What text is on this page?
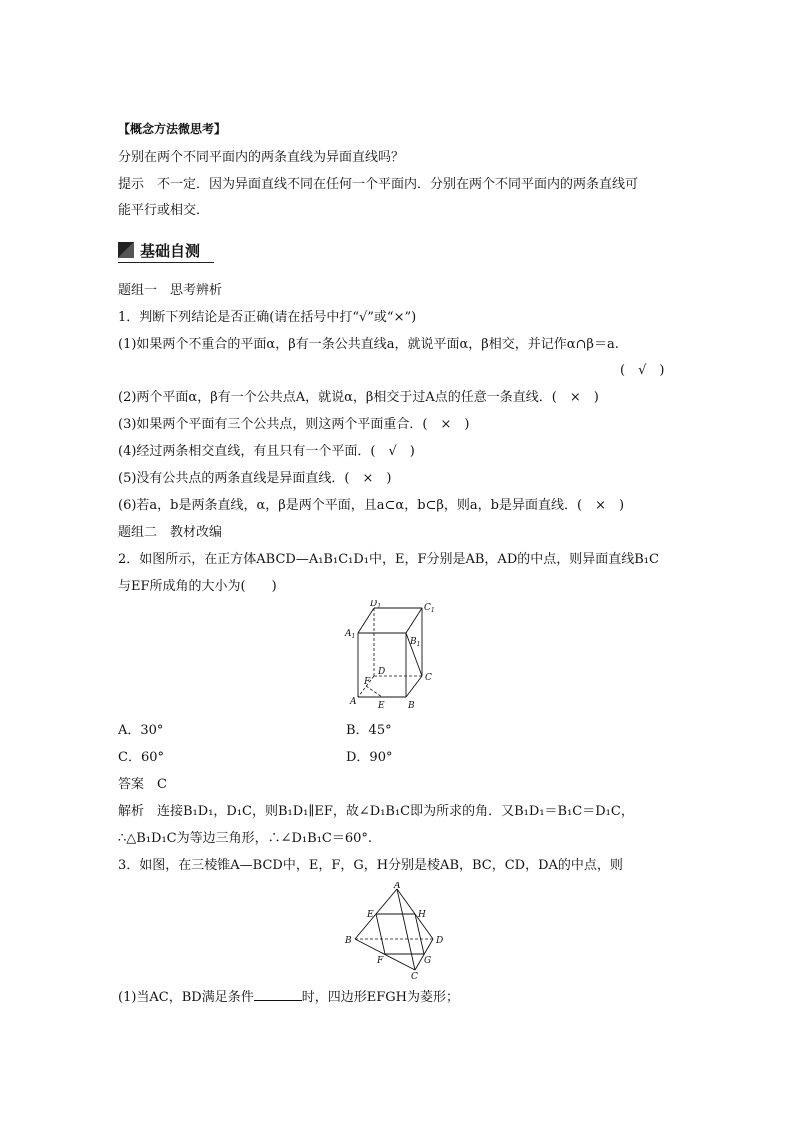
【概念方法微思考】
分别在两个不同平面内的两条直线为异面直线吗？
提示　不一定．因为异面直线不同在任何一个平面内．分别在两个不同平面内的两条直线可
能平行或相交．
基础自测
题组一　思考辨析
1．判断下列结论是否正确(请在括号中打“√”或“×”)
(1)如果两个不重合的平面α，β有一条公共直线a，就说平面α，β相交，并记作α∩β＝a.
(　√　)
(2)两个平面α，β有一个公共点A，就说α，β相交于过A点的任意一条直线．(　×　)
(3)如果两个平面有三个公共点，则这两个平面重合．(　×　)
(4)经过两条相交直线，有且只有一个平面．(　√　)
(5)没有公共点的两条直线是异面直线．(　×　)
(6)若a，b是两条直线，α，β是两个平面，且a⊂α，b⊂β，则a，b是异面直线．(　×　)
题组二　教材改编
2．如图所示，在正方体ABCD—A₁B₁C₁D₁中，E，F分别是AB，AD的中点，则异面直线B₁C
与EF所成角的大小为(　　)
$D_1$	$C_1$
$A_1$
$B_1$
D
C
F
A E	B
A．30°	B．45°
C．60°	D．90°
答案　C
解析　连接B₁D₁，D₁C，则B₁D₁∥EF，故∠D₁B₁C即为所求的角．又B₁D₁＝B₁C＝D₁C，
∴△B₁D₁C为等边三角形，∴∠D₁B₁C＝60°.
3．如图，在三棱锥A—BCD中，E，F，G，H分别是棱AB，BC，CD，DA的中点，则
A
E	H
B	D
F	G
C
(1)当AC，BD满足条件	时，四边形EFGH为菱形；
